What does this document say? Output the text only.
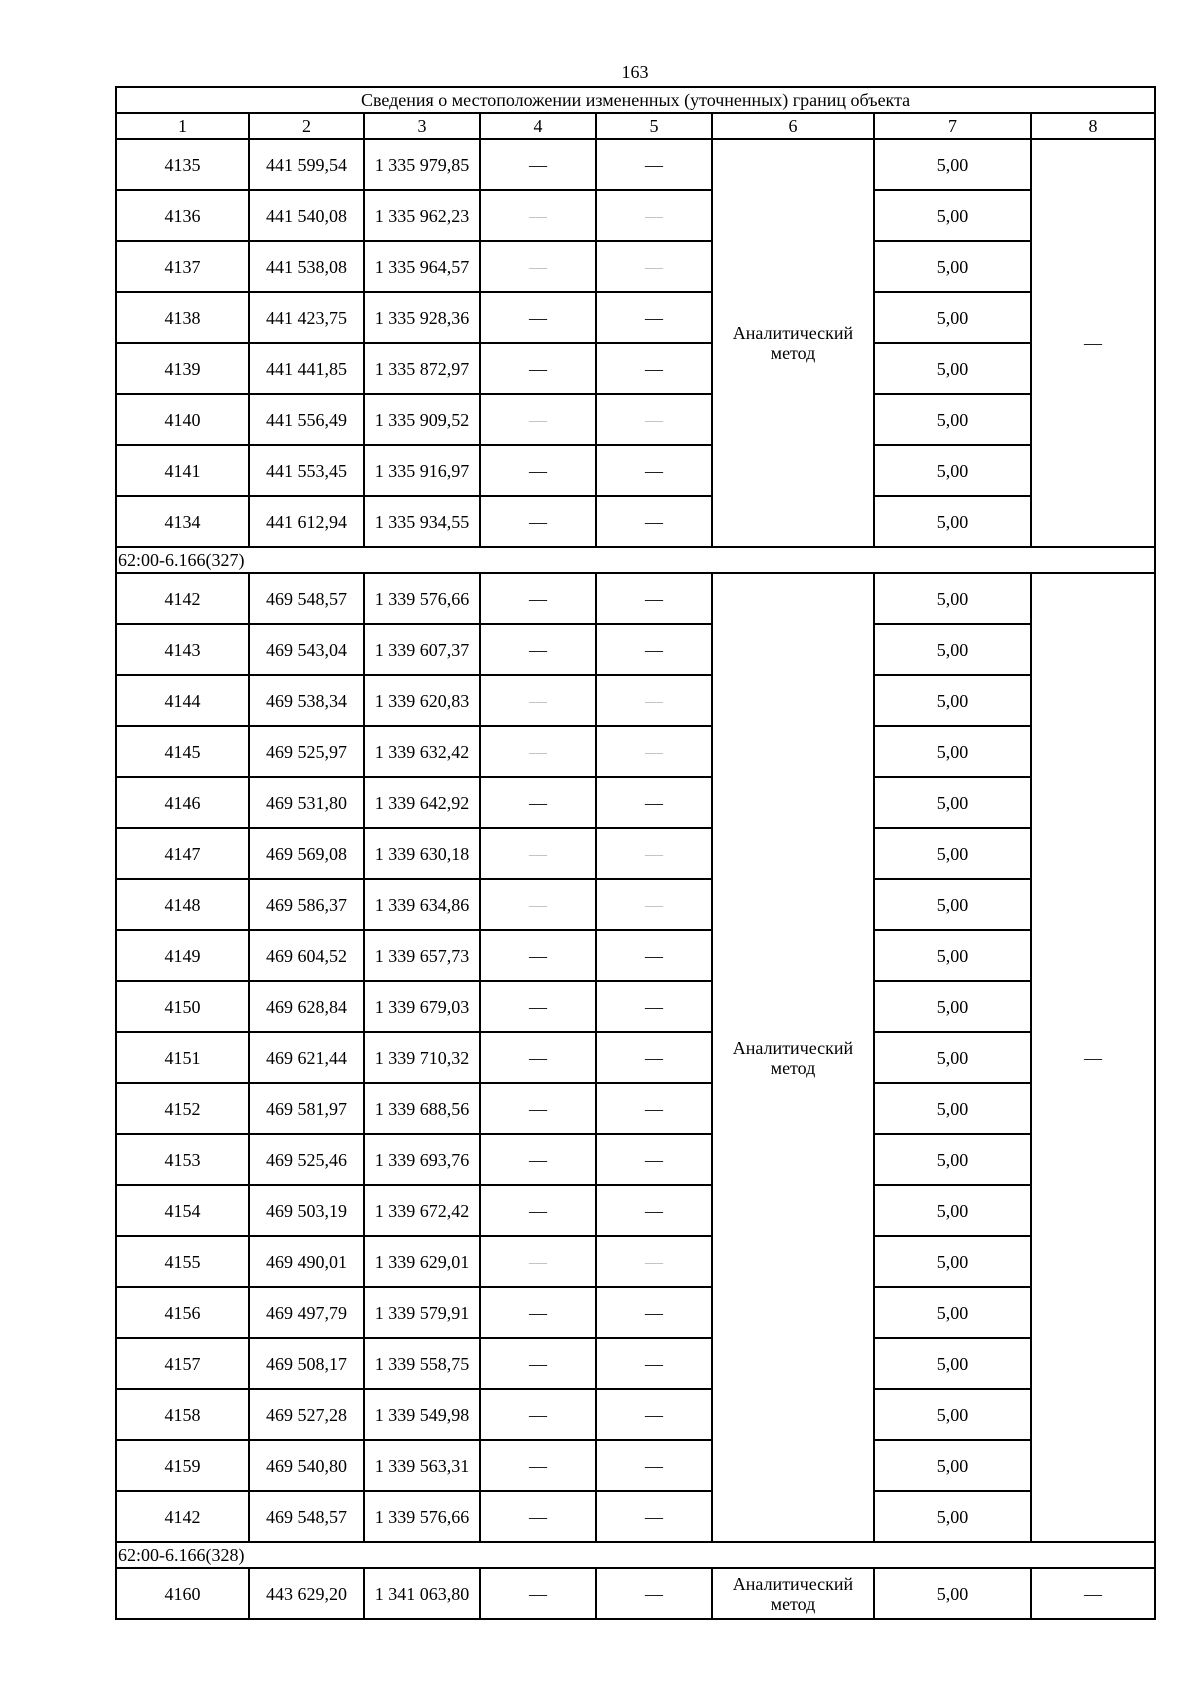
163
Сведения о местоположении измененных (уточненных) границ объекта							
1	2	3	4	5	6	7	8
4135	441 599,54	1 335 979,85	—	—	Аналитический метод	5,00	—
4136	441 540,08	1 335 962,23	—	—		5,00	
4137	441 538,08	1 335 964,57	—	—		5,00	
4138	441 423,75	1 335 928,36	—	—		5,00	
4139	441 441,85	1 335 872,97	—	—		5,00	
4140	441 556,49	1 335 909,52	—	—		5,00	
4141	441 553,45	1 335 916,97	—	—		5,00	
4134	441 612,94	1 335 934,55	—	—		5,00	
62:00-6.166(327)							
4142	469 548,57	1 339 576,66	—	—	Аналитический метод	5,00	—
4143	469 543,04	1 339 607,37	—	—		5,00	
4144	469 538,34	1 339 620,83	—	—		5,00	
4145	469 525,97	1 339 632,42	—	—		5,00	
4146	469 531,80	1 339 642,92	—	—		5,00	
4147	469 569,08	1 339 630,18	—	—		5,00	
4148	469 586,37	1 339 634,86	—	—		5,00	
4149	469 604,52	1 339 657,73	—	—		5,00	
4150	469 628,84	1 339 679,03	—	—		5,00	
4151	469 621,44	1 339 710,32	—	—		5,00	
4152	469 581,97	1 339 688,56	—	—		5,00	
4153	469 525,46	1 339 693,76	—	—		5,00	
4154	469 503,19	1 339 672,42	—	—		5,00	
4155	469 490,01	1 339 629,01	—	—		5,00	
4156	469 497,79	1 339 579,91	—	—		5,00	
4157	469 508,17	1 339 558,75	—	—		5,00	
4158	469 527,28	1 339 549,98	—	—		5,00	
4159	469 540,80	1 339 563,31	—	—		5,00	
4142	469 548,57	1 339 576,66	—	—		5,00	
62:00-6.166(328)							
4160	443 629,20	1 341 063,80	—	—	Аналитический метод	5,00	—
